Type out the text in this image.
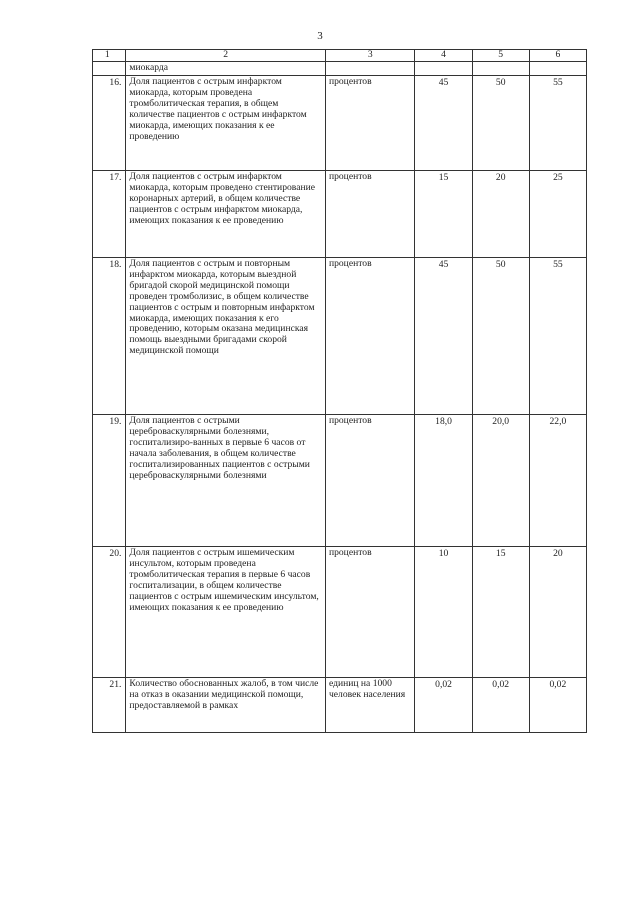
3
1	2	3	4	5	6
	миокарда				
16.	Доля пациентов с острым инфарктом миокарда, которым проведена тромболитическая терапия, в общем количестве пациентов с острым инфарктом миокарда, имеющих показания к ее проведению	процентов	45	50	55
17.	Доля пациентов с острым инфарктом миокарда, которым проведено стентирование коронарных артерий, в общем количестве пациентов с острым инфарктом миокарда, имеющих показания к ее проведению	процентов	15	20	25
18.	Доля пациентов с острым и повторным инфарктом миокарда, которым выездной бригадой скорой медицинской помощи проведен тромболизис, в общем количестве пациентов с острым и повторным инфарктом миокарда, имеющих показания к его проведению, которым оказана медицинская помощь выездными бригадами скорой медицинской помощи	процентов	45	50	55
19.	Доля пациентов с острыми цереброваскулярными болезнями, госпитализиро-ванных в первые 6 часов от начала заболевания, в общем количестве госпитализированных пациентов с острыми цереброваскулярными болезнями	процентов	18,0	20,0	22,0
20.	Доля пациентов с острым ишемическим инсультом, которым проведена тромболитическая терапия в первые 6 часов госпитализации, в общем количестве пациентов с острым ишемическим инсультом, имеющих показания к ее проведению	процентов	10	15	20
21.	Количество обоснованных жалоб, в том числе на отказ в оказании медицинской помощи, предоставляемой в рамках	единиц на 1000 человек населения	0,02	0,02	0,02
